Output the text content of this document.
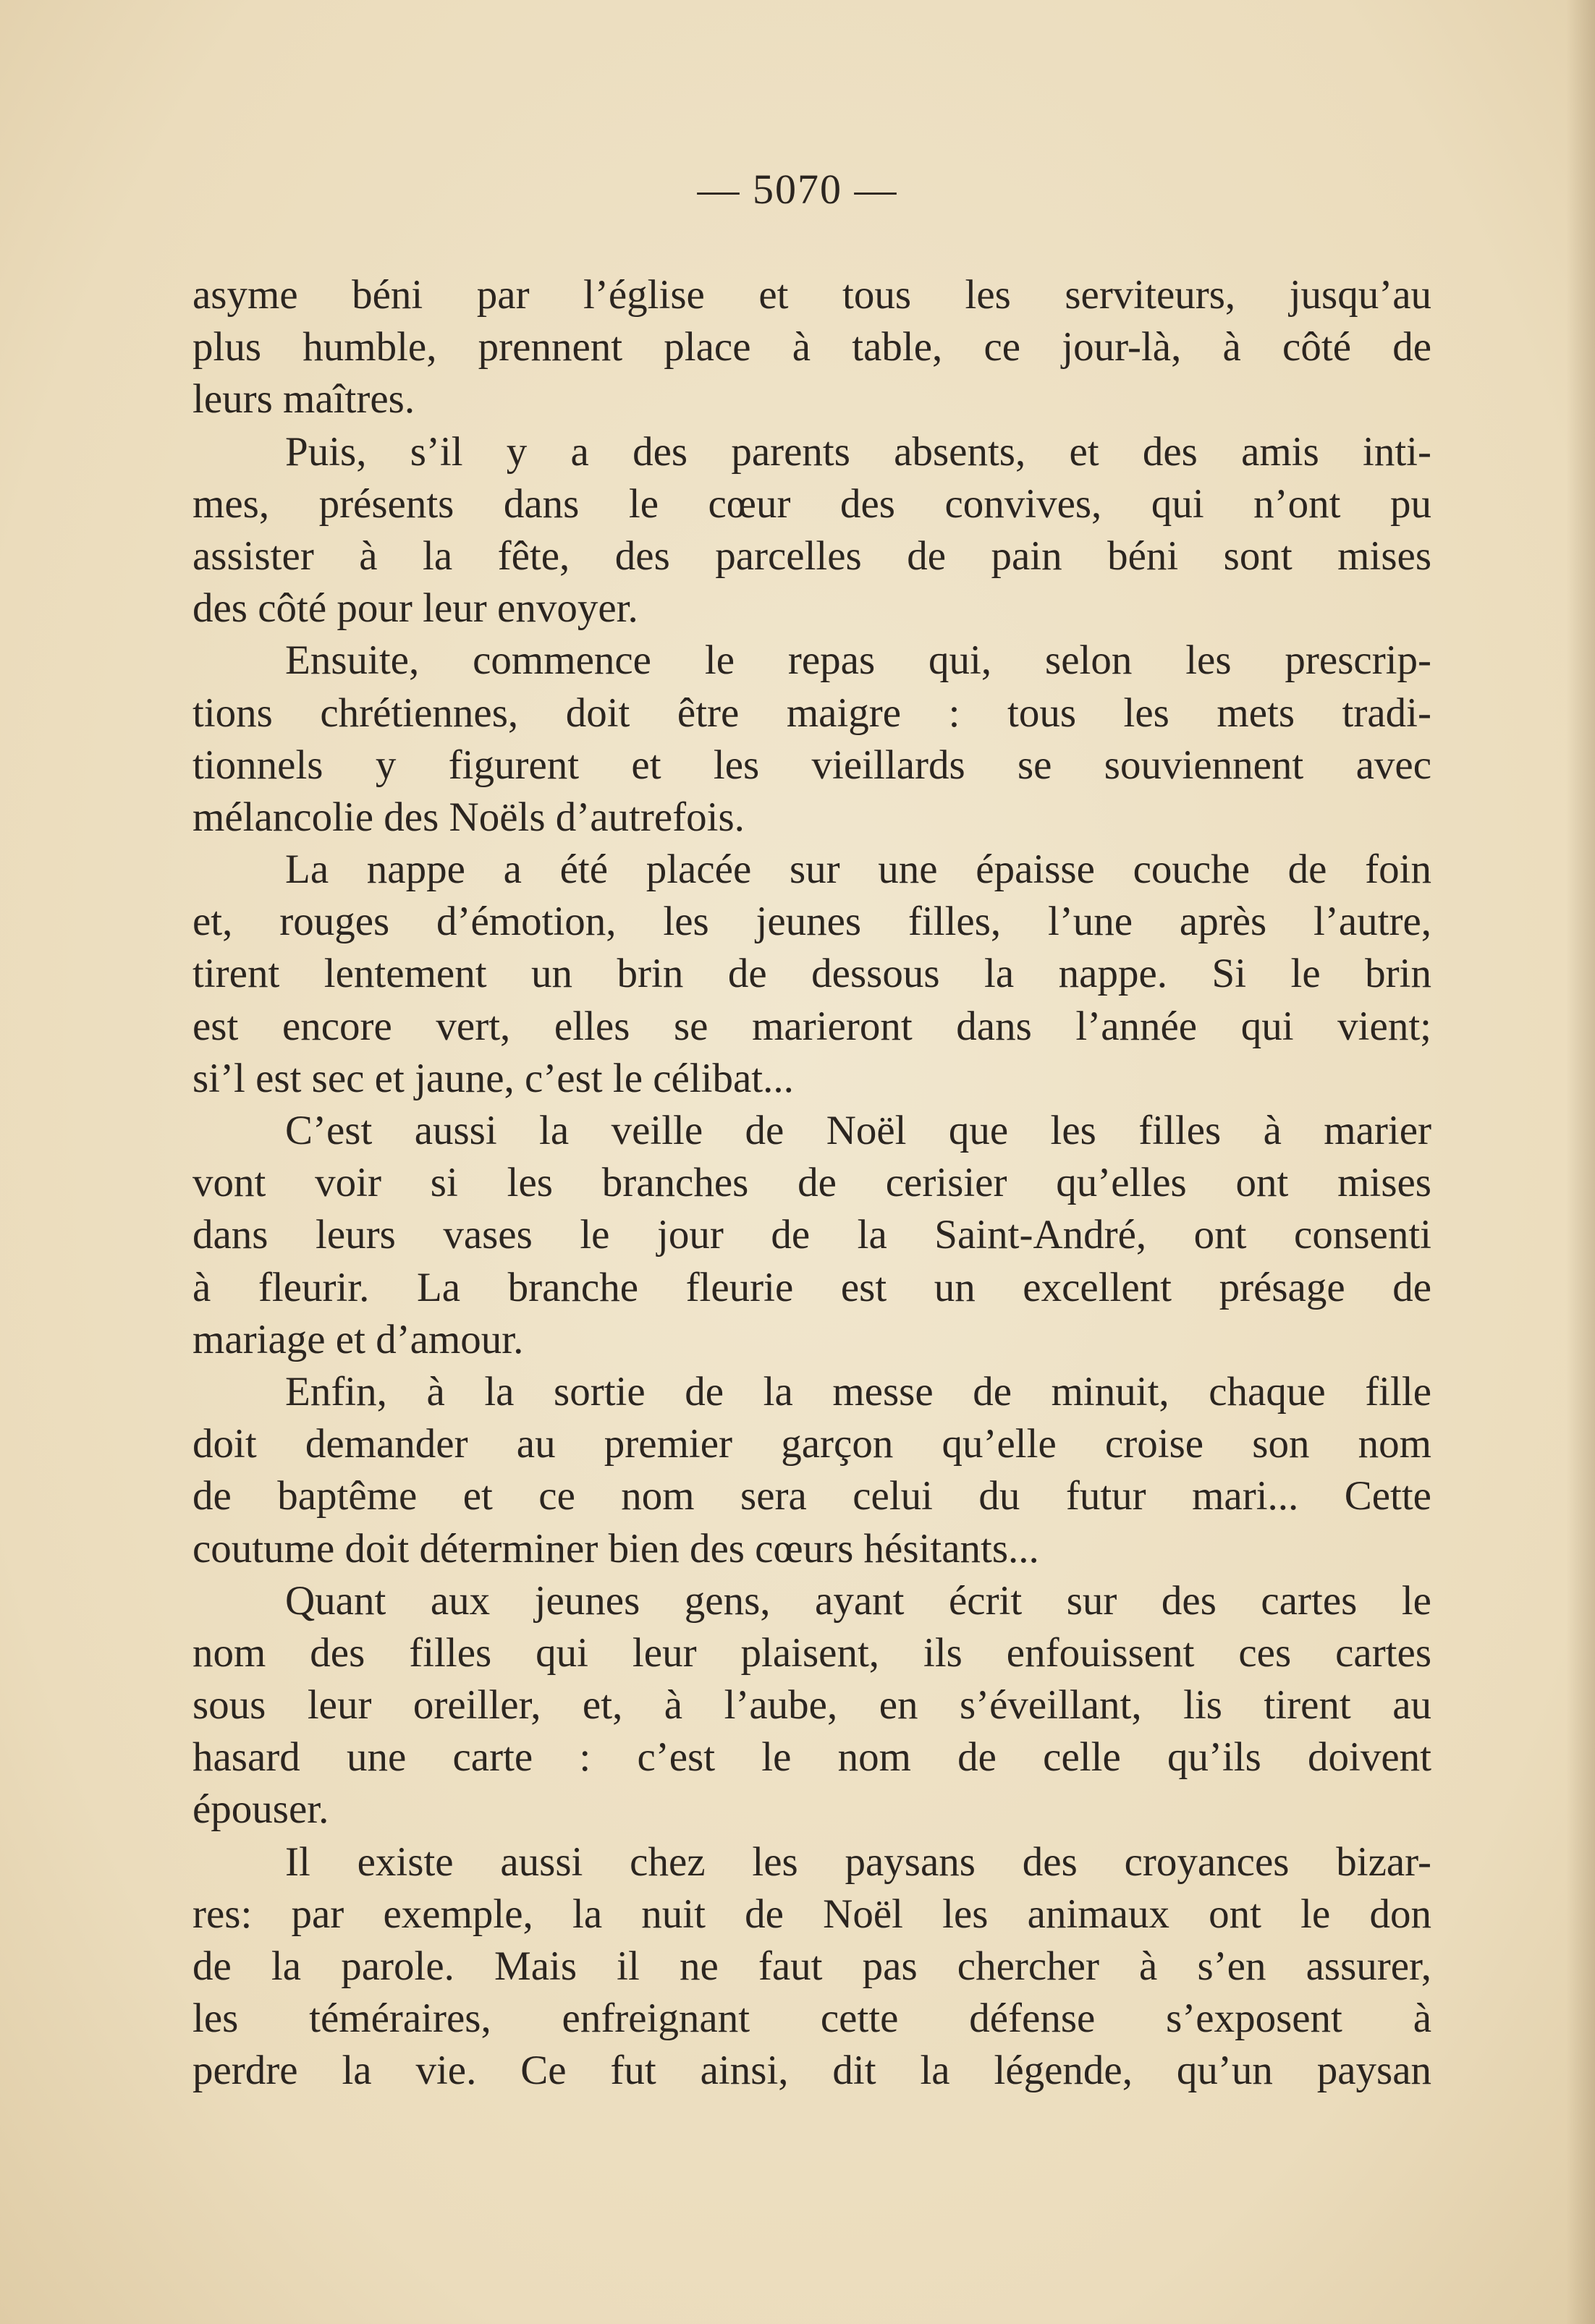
— 5070 —
asyme béni par l’église et tous les serviteurs, jusqu’au
plus humble, prennent place à table, ce jour-là, à côté de
leurs maîtres.
Puis, s’il y a des parents absents, et des amis inti-
mes, présents dans le cœur des convives, qui n’ont pu
assister à la fête, des parcelles de pain béni sont mises
des côté pour leur envoyer.
Ensuite, commence le repas qui, selon les prescrip-
tions chrétiennes, doit être maigre : tous les mets tradi-
tionnels y figurent et les vieillards se souviennent avec
mélancolie des Noëls d’autrefois.
La nappe a été placée sur une épaisse couche de foin
et, rouges d’émotion, les jeunes filles, l’une après l’autre,
tirent lentement un brin de dessous la nappe. Si le brin
est encore vert, elles se marieront dans l’année qui vient;
si’l est sec et jaune, c’est le célibat...
C’est aussi la veille de Noël que les filles à marier
vont voir si les branches de cerisier qu’elles ont mises
dans leurs vases le jour de la Saint-André, ont consenti
à fleurir. La branche fleurie est un excellent présage de
mariage et d’amour.
Enfin, à la sortie de la messe de minuit, chaque fille
doit demander au premier garçon qu’elle croise son nom
de baptême et ce nom sera celui du futur mari... Cette
coutume doit déterminer bien des cœurs hésitants...
Quant aux jeunes gens, ayant écrit sur des cartes le
nom des filles qui leur plaisent, ils enfouissent ces cartes
sous leur oreiller, et, à l’aube, en s’éveillant, lis tirent au
hasard une carte : c’est le nom de celle qu’ils doivent
épouser.
Il existe aussi chez les paysans des croyances bizar-
res: par exemple, la nuit de Noël les animaux ont le don
de la parole. Mais il ne faut pas chercher à s’en assurer,
les téméraires, enfreignant cette défense s’exposent à
perdre la vie. Ce fut ainsi, dit la légende, qu’un paysan
